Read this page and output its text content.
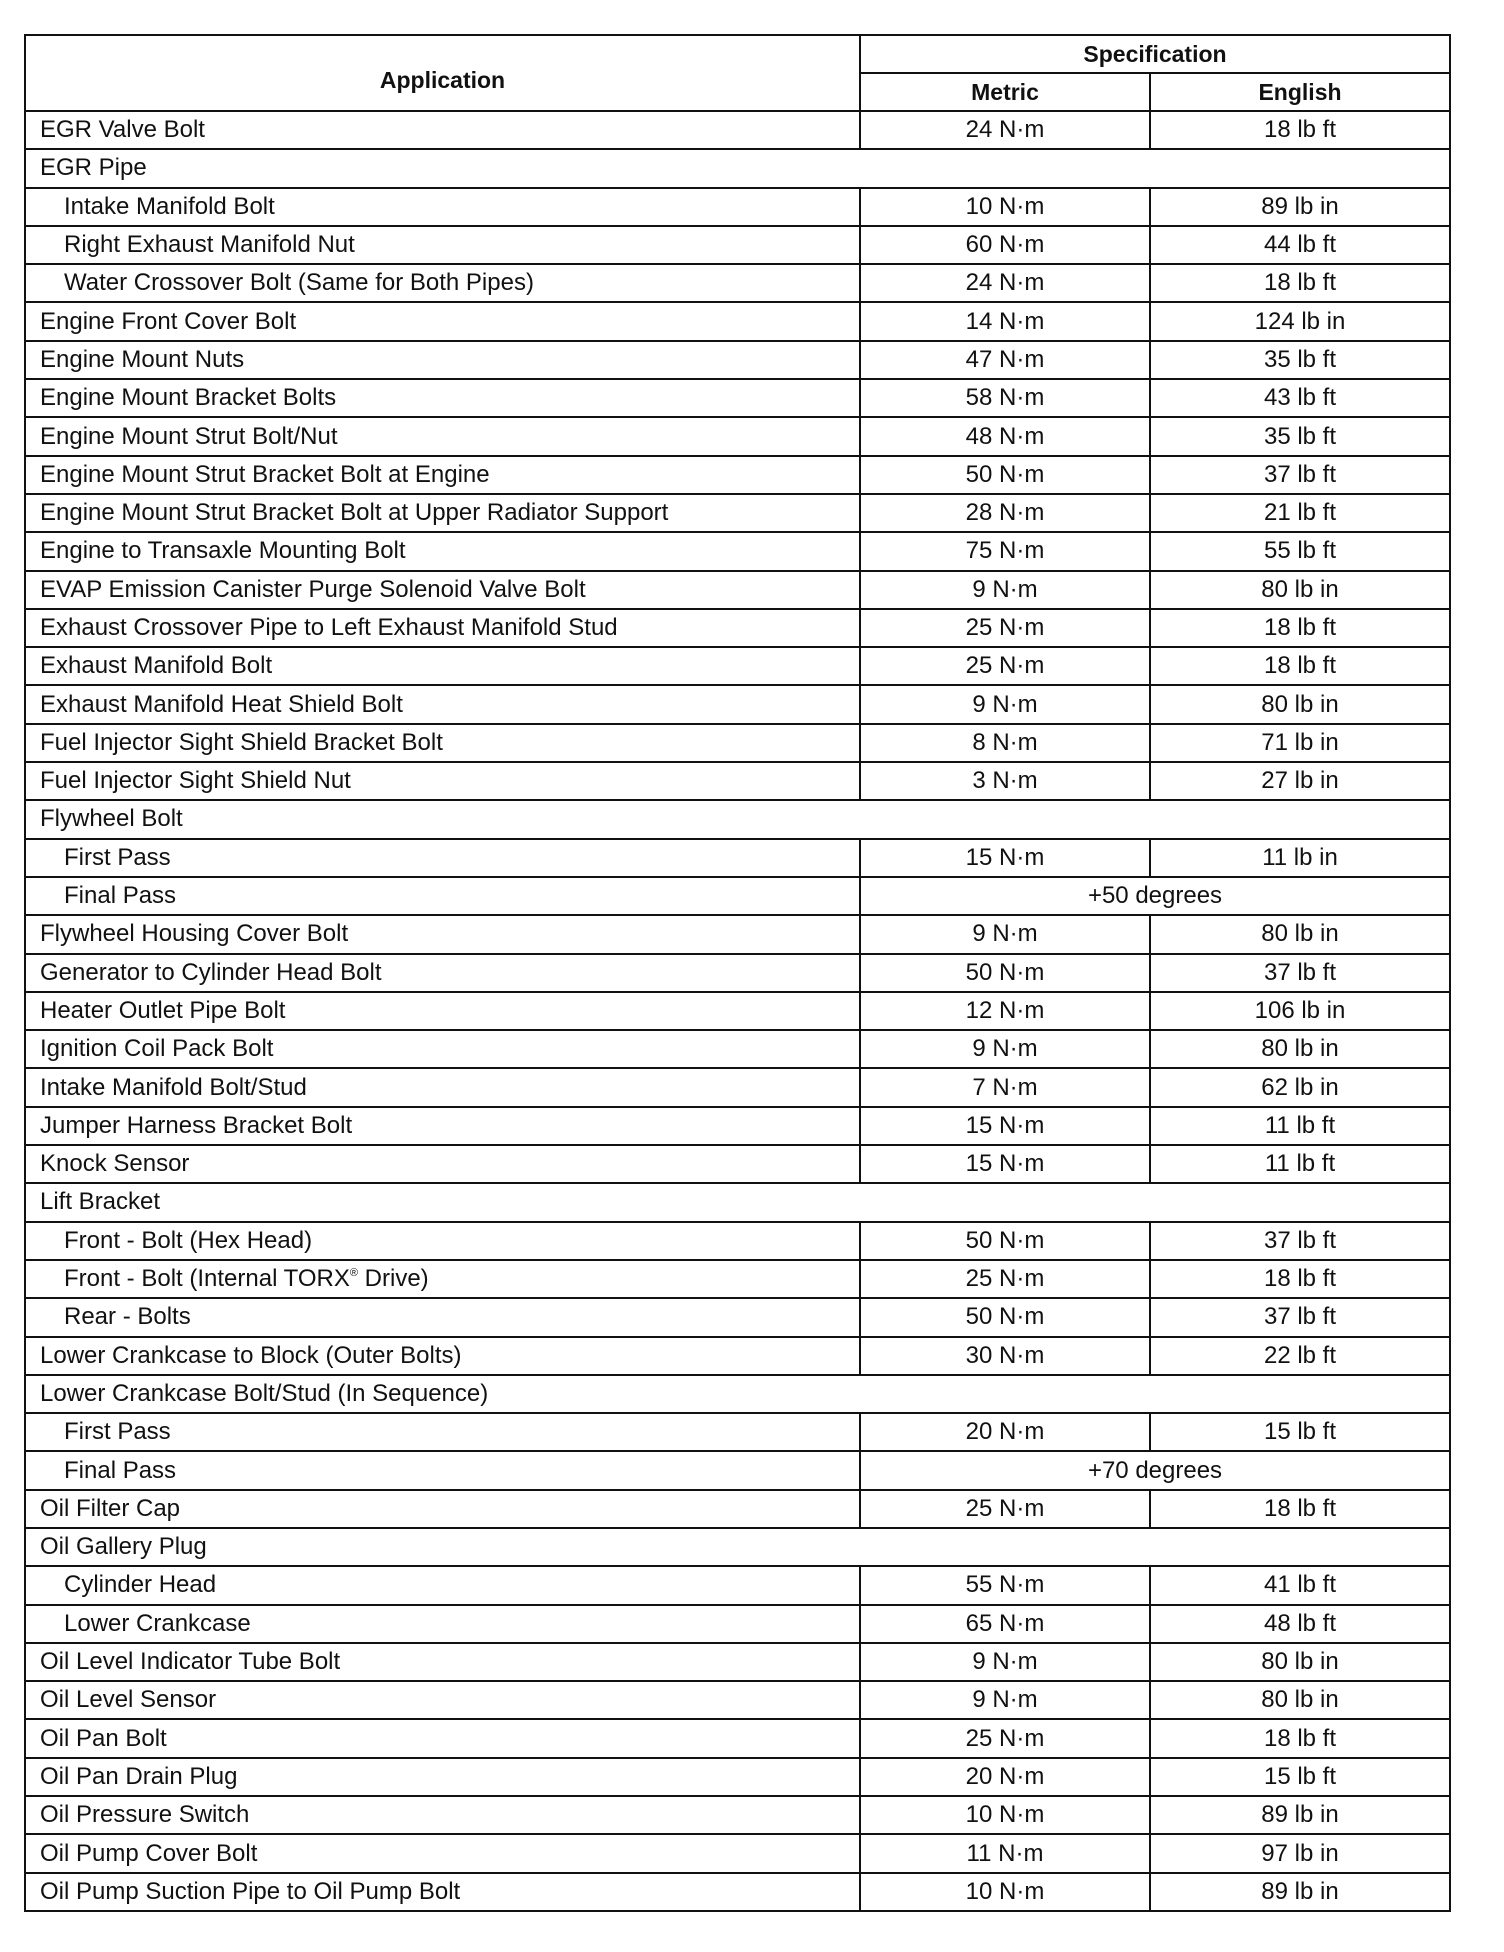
Application	Specification	
	Metric	English
EGR Valve Bolt	24 N·m	18 lb ft
EGR Pipe		
Intake Manifold Bolt	10 N·m	89 lb in
Right Exhaust Manifold Nut	60 N·m	44 lb ft
Water Crossover Bolt (Same for Both Pipes)	24 N·m	18 lb ft
Engine Front Cover Bolt	14 N·m	124 lb in
Engine Mount Nuts	47 N·m	35 lb ft
Engine Mount Bracket Bolts	58 N·m	43 lb ft
Engine Mount Strut Bolt/Nut	48 N·m	35 lb ft
Engine Mount Strut Bracket Bolt at Engine	50 N·m	37 lb ft
Engine Mount Strut Bracket Bolt at Upper Radiator Support	28 N·m	21 lb ft
Engine to Transaxle Mounting Bolt	75 N·m	55 lb ft
EVAP Emission Canister Purge Solenoid Valve Bolt	9 N·m	80 lb in
Exhaust Crossover Pipe to Left Exhaust Manifold Stud	25 N·m	18 lb ft
Exhaust Manifold Bolt	25 N·m	18 lb ft
Exhaust Manifold Heat Shield Bolt	9 N·m	80 lb in
Fuel Injector Sight Shield Bracket Bolt	8 N·m	71 lb in
Fuel Injector Sight Shield Nut	3 N·m	27 lb in
Flywheel Bolt		
First Pass	15 N·m	11 lb in
Final Pass	+50 degrees	
Flywheel Housing Cover Bolt	9 N·m	80 lb in
Generator to Cylinder Head Bolt	50 N·m	37 lb ft
Heater Outlet Pipe Bolt	12 N·m	106 lb in
Ignition Coil Pack Bolt	9 N·m	80 lb in
Intake Manifold Bolt/Stud	7 N·m	62 lb in
Jumper Harness Bracket Bolt	15 N·m	11 lb ft
Knock Sensor	15 N·m	11 lb ft
Lift Bracket		
Front - Bolt (Hex Head)	50 N·m	37 lb ft
Front - Bolt (Internal TORX® Drive)	25 N·m	18 lb ft
Rear - Bolts	50 N·m	37 lb ft
Lower Crankcase to Block (Outer Bolts)	30 N·m	22 lb ft
Lower Crankcase Bolt/Stud (In Sequence)		
First Pass	20 N·m	15 lb ft
Final Pass	+70 degrees	
Oil Filter Cap	25 N·m	18 lb ft
Oil Gallery Plug		
Cylinder Head	55 N·m	41 lb ft
Lower Crankcase	65 N·m	48 lb ft
Oil Level Indicator Tube Bolt	9 N·m	80 lb in
Oil Level Sensor	9 N·m	80 lb in
Oil Pan Bolt	25 N·m	18 lb ft
Oil Pan Drain Plug	20 N·m	15 lb ft
Oil Pressure Switch	10 N·m	89 lb in
Oil Pump Cover Bolt	11 N·m	97 lb in
Oil Pump Suction Pipe to Oil Pump Bolt	10 N·m	89 lb in
